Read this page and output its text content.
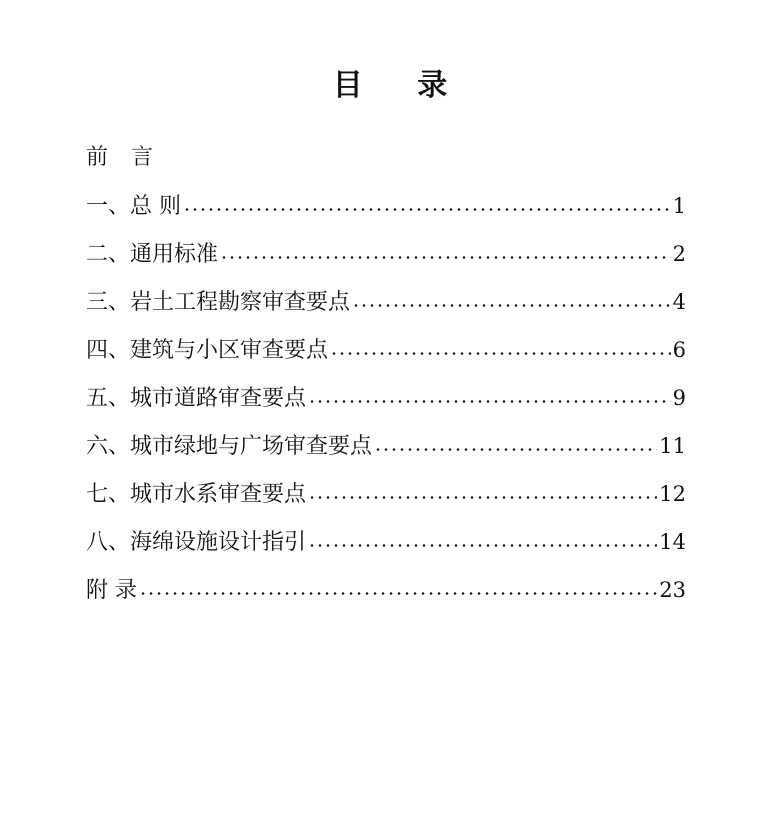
目 录
前 言
一、总 则	1
二、通用标准	2
三、岩土工程勘察审查要点	4
四、建筑与小区审查要点	6
五、城市道路审查要点	9
六、城市绿地与广场审查要点	11
七、城市水系审查要点	12
八、海绵设施设计指引	14
附 录	23
